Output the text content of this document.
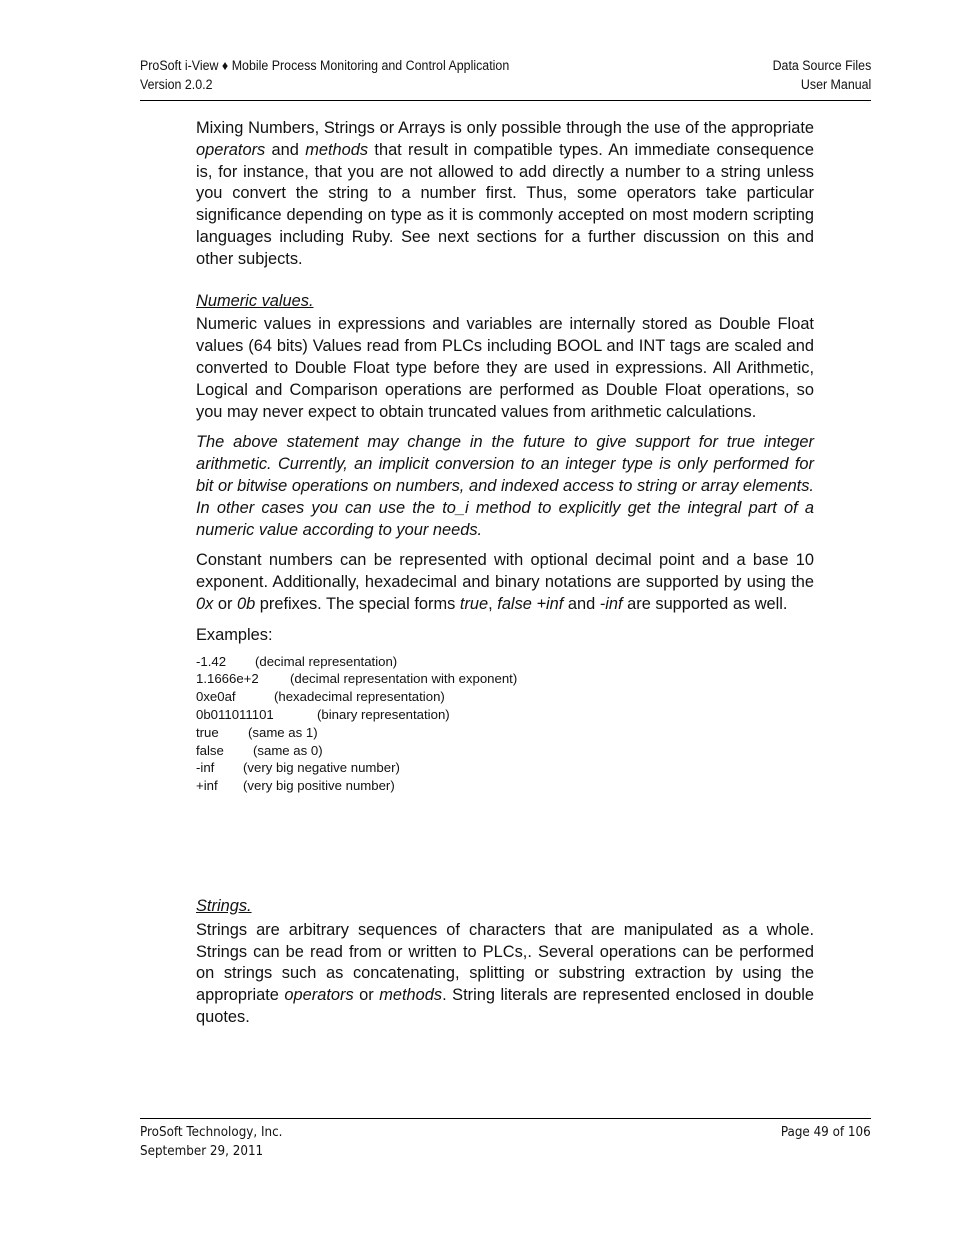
ProSoft i-View ♦ Mobile Process Monitoring and Control Application
Version 2.0.2
Data Source Files
User Manual

Mixing Numbers, Strings or Arrays is only possible through the use of the appropriate operators and methods that result in compatible types. An immediate consequence is, for instance, that you are not allowed to add directly a number to a string unless you convert the string to a number first. Thus, some operators take particular significance depending on type as it is commonly accepted on most modern scripting languages including Ruby. See next sections for a further discussion on this and other subjects.

Numeric values.

Numeric values in expressions and variables are internally stored as Double Float values (64 bits) Values read from PLCs including BOOL and INT tags are scaled and converted to Double Float type before they are used in expressions. All Arithmetic, Logical and Comparison operations are performed as Double Float operations, so you may never expect to obtain truncated values from arithmetic calculations.

The above statement may change in the future to give support for true integer arithmetic. Currently, an implicit conversion to an integer type is only performed for bit or bitwise operations on numbers, and indexed access to string or array elements. In other cases you can use the to_i method to explicitly get the integral part of a numeric value according to your needs.

Constant numbers can be represented with optional decimal point and a base 10 exponent. Additionally, hexadecimal and binary notations are supported by using the 0x or 0b prefixes. The special forms true, false +inf and -inf are supported as well.

Examples:

-1.42 (decimal representation)
1.1666e+2 (decimal representation with exponent)
0xe0af	(hexadecimal representation)
0b011011101	(binary representation)
true (same as 1)
false (same as 0)
-inf (very big negative number)
+inf (very big positive number)

Strings.

Strings are arbitrary sequences of characters that are manipulated as a whole. Strings can be read from or written to PLCs,. Several operations can be performed on strings such as concatenating, splitting or substring extraction by using the appropriate operators or methods. String literals are represented enclosed in double quotes.

ProSoft Technology, Inc.
September 29, 2011
Page 49 of 106
